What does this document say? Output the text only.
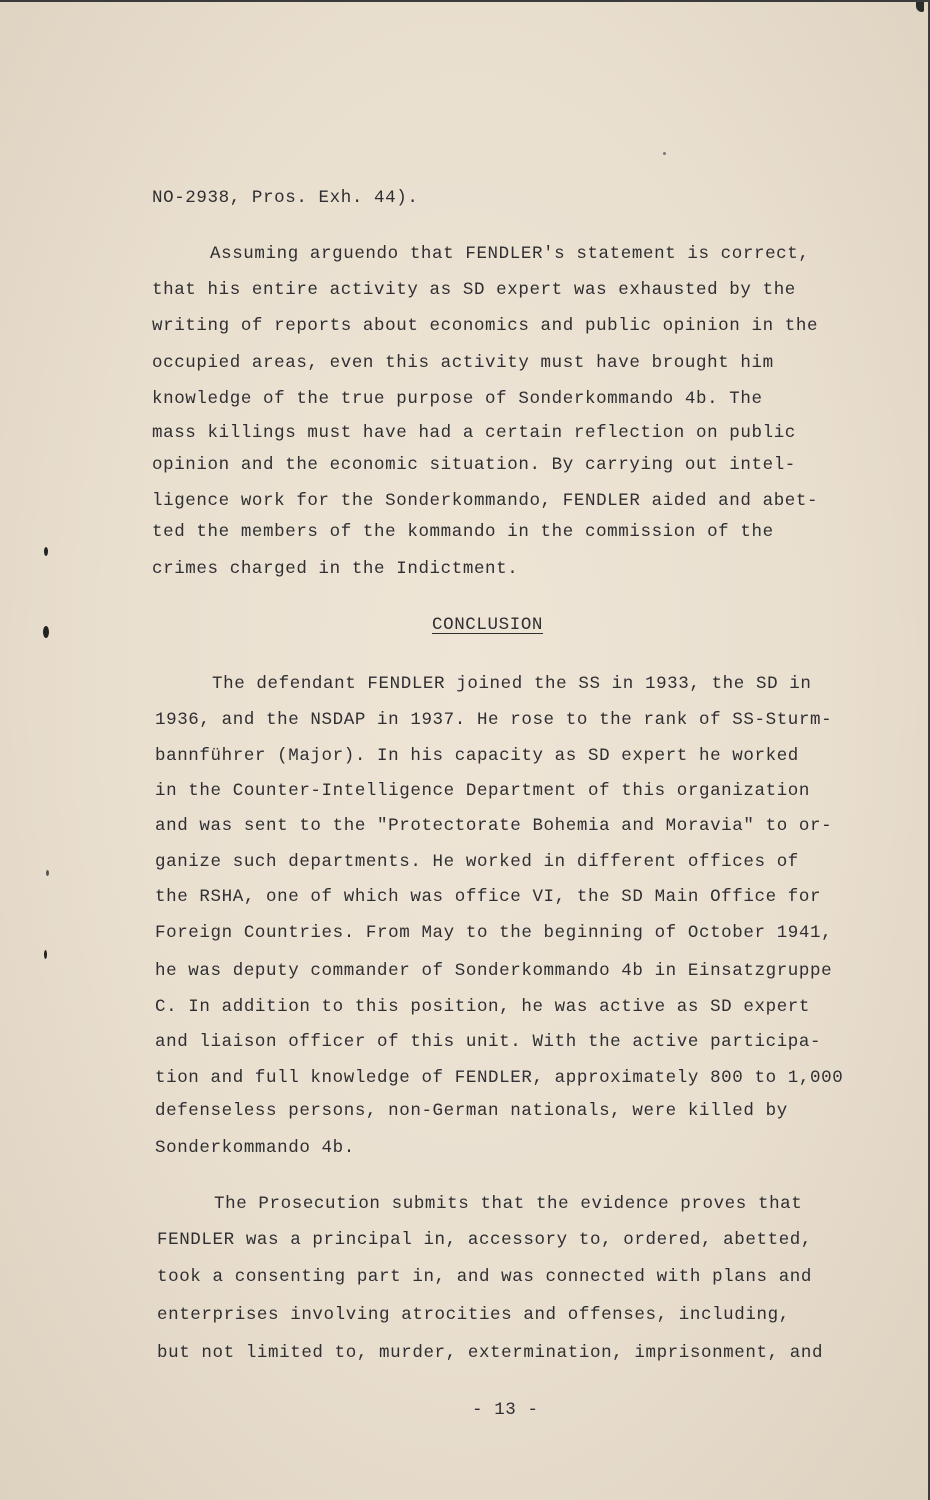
NO-2938, Pros. Exh. 44).
Assuming arguendo that FENDLER's statement is correct,
that his entire activity as SD expert was exhausted by the
writing of reports about economics and public opinion in the
occupied areas, even this activity must have brought him
knowledge of the true purpose of Sonderkommando 4b. The
mass killings must have had a certain reflection on public
opinion and the economic situation. By carrying out intel-
ligence work for the Sonderkommando, FENDLER aided and abet-
ted the members of the kommando in the commission of the
crimes charged in the Indictment.
CONCLUSION
The defendant FENDLER joined the SS in 1933, the SD in
1936, and the NSDAP in 1937. He rose to the rank of SS-Sturm-
bannführer (Major). In his capacity as SD expert he worked
in the Counter-Intelligence Department of this organization
and was sent to the "Protectorate Bohemia and Moravia" to or-
ganize such departments. He worked in different offices of
the RSHA, one of which was office VI, the SD Main Office for
Foreign Countries. From May to the beginning of October 1941,
he was deputy commander of Sonderkommando 4b in Einsatzgruppe
C. In addition to this position, he was active as SD expert
and liaison officer of this unit. With the active participa-
tion and full knowledge of FENDLER, approximately 800 to 1,000
defenseless persons, non-German nationals, were killed by
Sonderkommando 4b.
The Prosecution submits that the evidence proves that
FENDLER was a principal in, accessory to, ordered, abetted,
took a consenting part in, and was connected with plans and
enterprises involving atrocities and offenses, including,
but not limited to, murder, extermination, imprisonment, and
- 13 -
